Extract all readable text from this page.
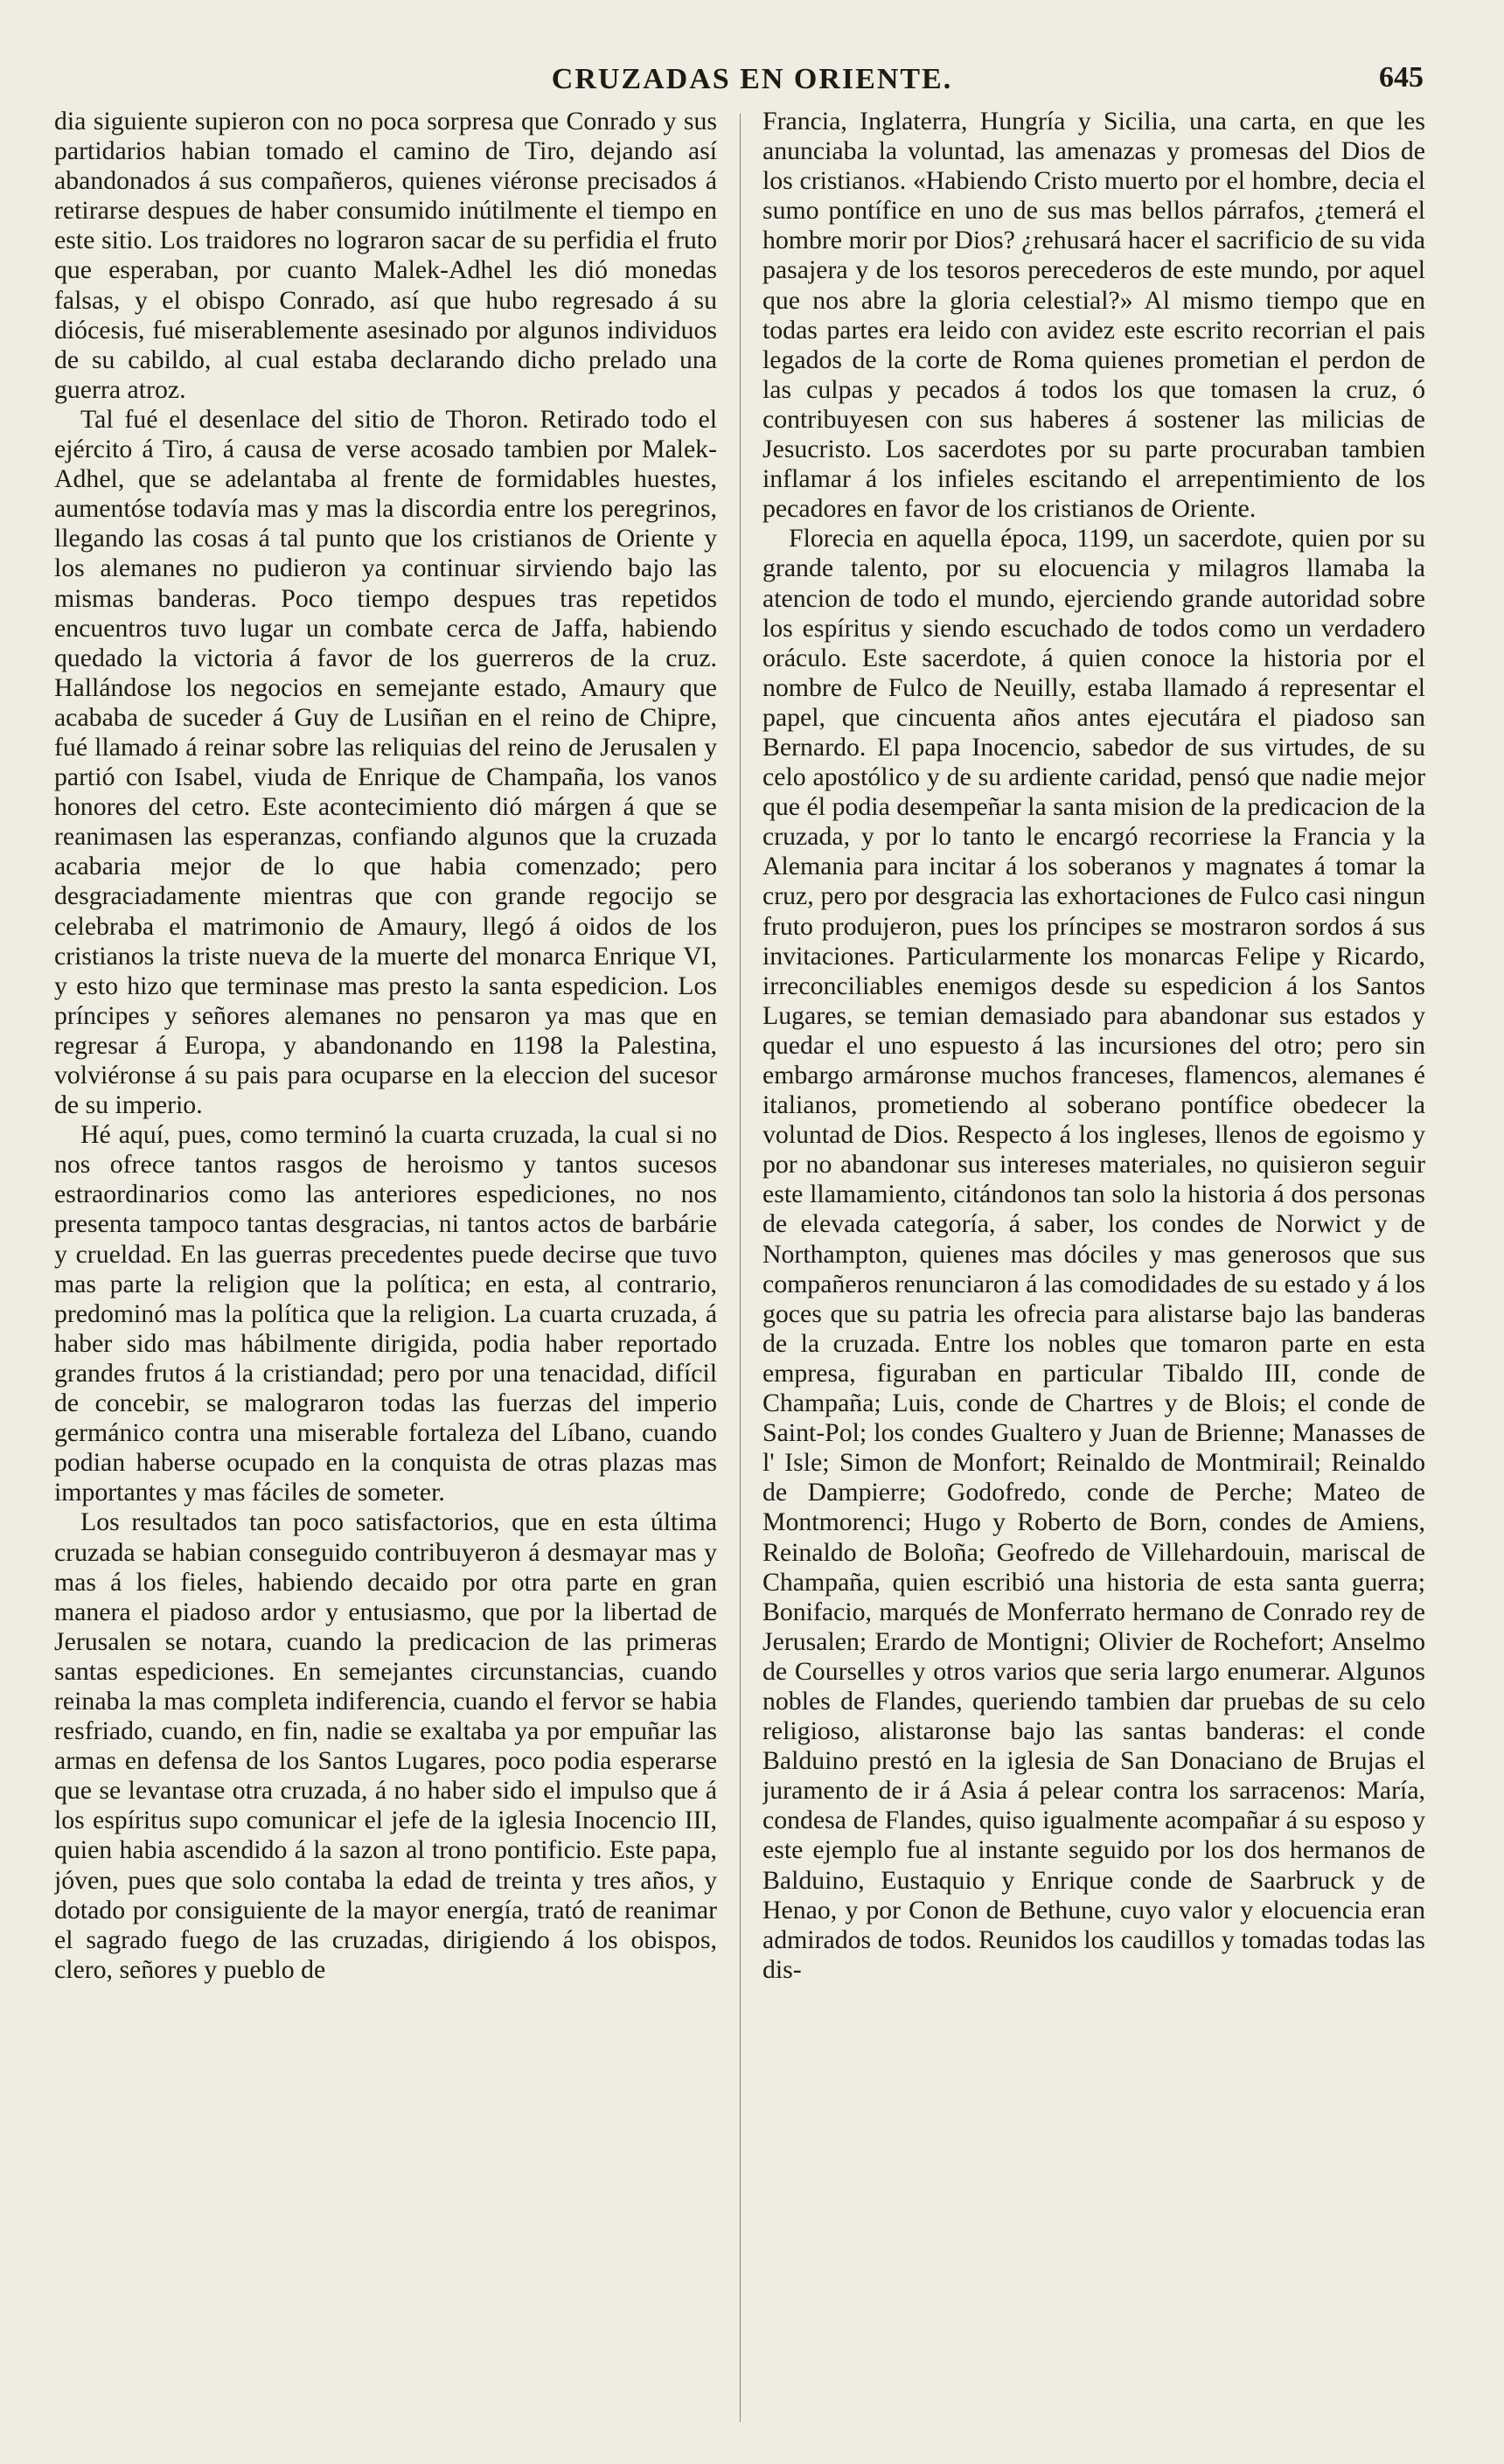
CRUZADAS EN ORIENTE.	645

dia siguiente supieron con no poca sorpresa que Conrado y sus partidarios habian tomado el camino de Tiro, dejando así abandonados á sus compañeros, quienes viéronse precisados á retirarse despues de haber consumido inútilmente el tiempo en este sitio. Los traidores no lograron sacar de su perfidia el fruto que esperaban, por cuanto Malek-Adhel les dió monedas falsas, y el obispo Conrado, así que hubo regresado á su diócesis, fué miserablemente asesinado por algunos individuos de su cabildo, al cual estaba declarando dicho prelado una guerra atroz.

Tal fué el desenlace del sitio de Thoron. Retirado todo el ejército á Tiro, á causa de verse acosado tambien por Malek-Adhel, que se adelantaba al frente de formidables huestes, aumentóse todavía mas y mas la discordia entre los peregrinos, llegando las cosas á tal punto que los cristianos de Oriente y los alemanes no pudieron ya continuar sirviendo bajo las mismas banderas. Poco tiempo despues tras repetidos encuentros tuvo lugar un combate cerca de Jaffa, habiendo quedado la victoria á favor de los guerreros de la cruz. Hallándose los negocios en semejante estado, Amaury que acababa de suceder á Guy de Lusiñan en el reino de Chipre, fué llamado á reinar sobre las reliquias del reino de Jerusalen y partió con Isabel, viuda de Enrique de Champaña, los vanos honores del cetro. Este acontecimiento dió márgen á que se reanimasen las esperanzas, confiando algunos que la cruzada acabaria mejor de lo que habia comenzado; pero desgraciadamente mientras que con grande regocijo se celebraba el matrimonio de Amaury, llegó á oidos de los cristianos la triste nueva de la muerte del monarca Enrique VI, y esto hizo que terminase mas presto la santa espedicion. Los príncipes y señores alemanes no pensaron ya mas que en regresar á Europa, y abandonando en 1198 la Palestina, volviéronse á su pais para ocuparse en la eleccion del sucesor de su imperio.

Hé aquí, pues, como terminó la cuarta cruzada, la cual si no nos ofrece tantos rasgos de heroismo y tantos sucesos estraordinarios como las anteriores espediciones, no nos presenta tampoco tantas desgracias, ni tantos actos de barbárie y crueldad. En las guerras precedentes puede decirse que tuvo mas parte la religion que la política; en esta, al contrario, predominó mas la política que la religion. La cuarta cruzada, á haber sido mas hábilmente dirigida, podia haber reportado grandes frutos á la cristiandad; pero por una tenacidad, difícil de concebir, se malograron todas las fuerzas del imperio germánico contra una miserable fortaleza del Líbano, cuando podian haberse ocupado en la conquista de otras plazas mas importantes y mas fáciles de someter.

Los resultados tan poco satisfactorios, que en esta última cruzada se habian conseguido contribuyeron á desmayar mas y mas á los fieles, habiendo decaido por otra parte en gran manera el piadoso ardor y entusiasmo, que por la libertad de Jerusalen se notara, cuando la predicacion de las primeras santas espediciones. En semejantes circunstancias, cuando reinaba la mas completa indiferencia, cuando el fervor se habia resfriado, cuando, en fin, nadie se exaltaba ya por empuñar las armas en defensa de los Santos Lugares, poco podia esperarse que se levantase otra cruzada, á no haber sido el impulso que á los espíritus supo comunicar el jefe de la iglesia Inocencio III, quien habia ascendido á la sazon al trono pontificio. Este papa, jóven, pues que solo contaba la edad de treinta y tres años, y dotado por consiguiente de la mayor energía, trató de reanimar el sagrado fuego de las cruzadas, dirigiendo á los obispos, clero, señores y pueblo de

Francia, Inglaterra, Hungría y Sicilia, una carta, en que les anunciaba la voluntad, las amenazas y promesas del Dios de los cristianos. «Habiendo Cristo muerto por el hombre, decia el sumo pontífice en uno de sus mas bellos párrafos, ¿temerá el hombre morir por Dios? ¿rehusará hacer el sacrificio de su vida pasajera y de los tesoros perecederos de este mundo, por aquel que nos abre la gloria celestial?» Al mismo tiempo que en todas partes era leido con avidez este escrito recorrian el pais legados de la corte de Roma quienes prometian el perdon de las culpas y pecados á todos los que tomasen la cruz, ó contribuyesen con sus haberes á sostener las milicias de Jesucristo. Los sacerdotes por su parte procuraban tambien inflamar á los infieles escitando el arrepentimiento de los pecadores en favor de los cristianos de Oriente.

Florecia en aquella época, 1199, un sacerdote, quien por su grande talento, por su elocuencia y milagros llamaba la atencion de todo el mundo, ejerciendo grande autoridad sobre los espíritus y siendo escuchado de todos como un verdadero oráculo. Este sacerdote, á quien conoce la historia por el nombre de Fulco de Neuilly, estaba llamado á representar el papel, que cincuenta años antes ejecutára el piadoso san Bernardo. El papa Inocencio, sabedor de sus virtudes, de su celo apostólico y de su ardiente caridad, pensó que nadie mejor que él podia desempeñar la santa mision de la predicacion de la cruzada, y por lo tanto le encargó recorriese la Francia y la Alemania para incitar á los soberanos y magnates á tomar la cruz, pero por desgracia las exhortaciones de Fulco casi ningun fruto produjeron, pues los príncipes se mostraron sordos á sus invitaciones. Particularmente los monarcas Felipe y Ricardo, irreconciliables enemigos desde su espedicion á los Santos Lugares, se temian demasiado para abandonar sus estados y quedar el uno espuesto á las incursiones del otro; pero sin embargo armáronse muchos franceses, flamencos, alemanes é italianos, prometiendo al soberano pontífice obedecer la voluntad de Dios. Respecto á los ingleses, llenos de egoismo y por no abandonar sus intereses materiales, no quisieron seguir este llamamiento, citándonos tan solo la historia á dos personas de elevada categoría, á saber, los condes de Norwict y de Northampton, quienes mas dóciles y mas generosos que sus compañeros renunciaron á las comodidades de su estado y á los goces que su patria les ofrecia para alistarse bajo las banderas de la cruzada. Entre los nobles que tomaron parte en esta empresa, figuraban en particular Tibaldo III, conde de Champaña; Luis, conde de Chartres y de Blois; el conde de Saint-Pol; los condes Gualtero y Juan de Brienne; Manasses de l' Isle; Simon de Monfort; Reinaldo de Montmirail; Reinaldo de Dampierre; Godofredo, conde de Perche; Mateo de Montmorenci; Hugo y Roberto de Born, condes de Amiens, Reinaldo de Boloña; Geofredo de Villehardouin, mariscal de Champaña, quien escribió una historia de esta santa guerra; Bonifacio, marqués de Monferrato hermano de Conrado rey de Jerusalen; Erardo de Montigni; Olivier de Rochefort; Anselmo de Courselles y otros varios que seria largo enumerar. Algunos nobles de Flandes, queriendo tambien dar pruebas de su celo religioso, alistaronse bajo las santas banderas: el conde Balduino prestó en la iglesia de San Donaciano de Brujas el juramento de ir á Asia á pelear contra los sarracenos: María, condesa de Flandes, quiso igualmente acompañar á su esposo y este ejemplo fue al instante seguido por los dos hermanos de Balduino, Eustaquio y Enrique conde de Saarbruck y de Henao, y por Conon de Bethune, cuyo valor y elocuencia eran admirados de todos. Reunidos los caudillos y tomadas todas las dis-
